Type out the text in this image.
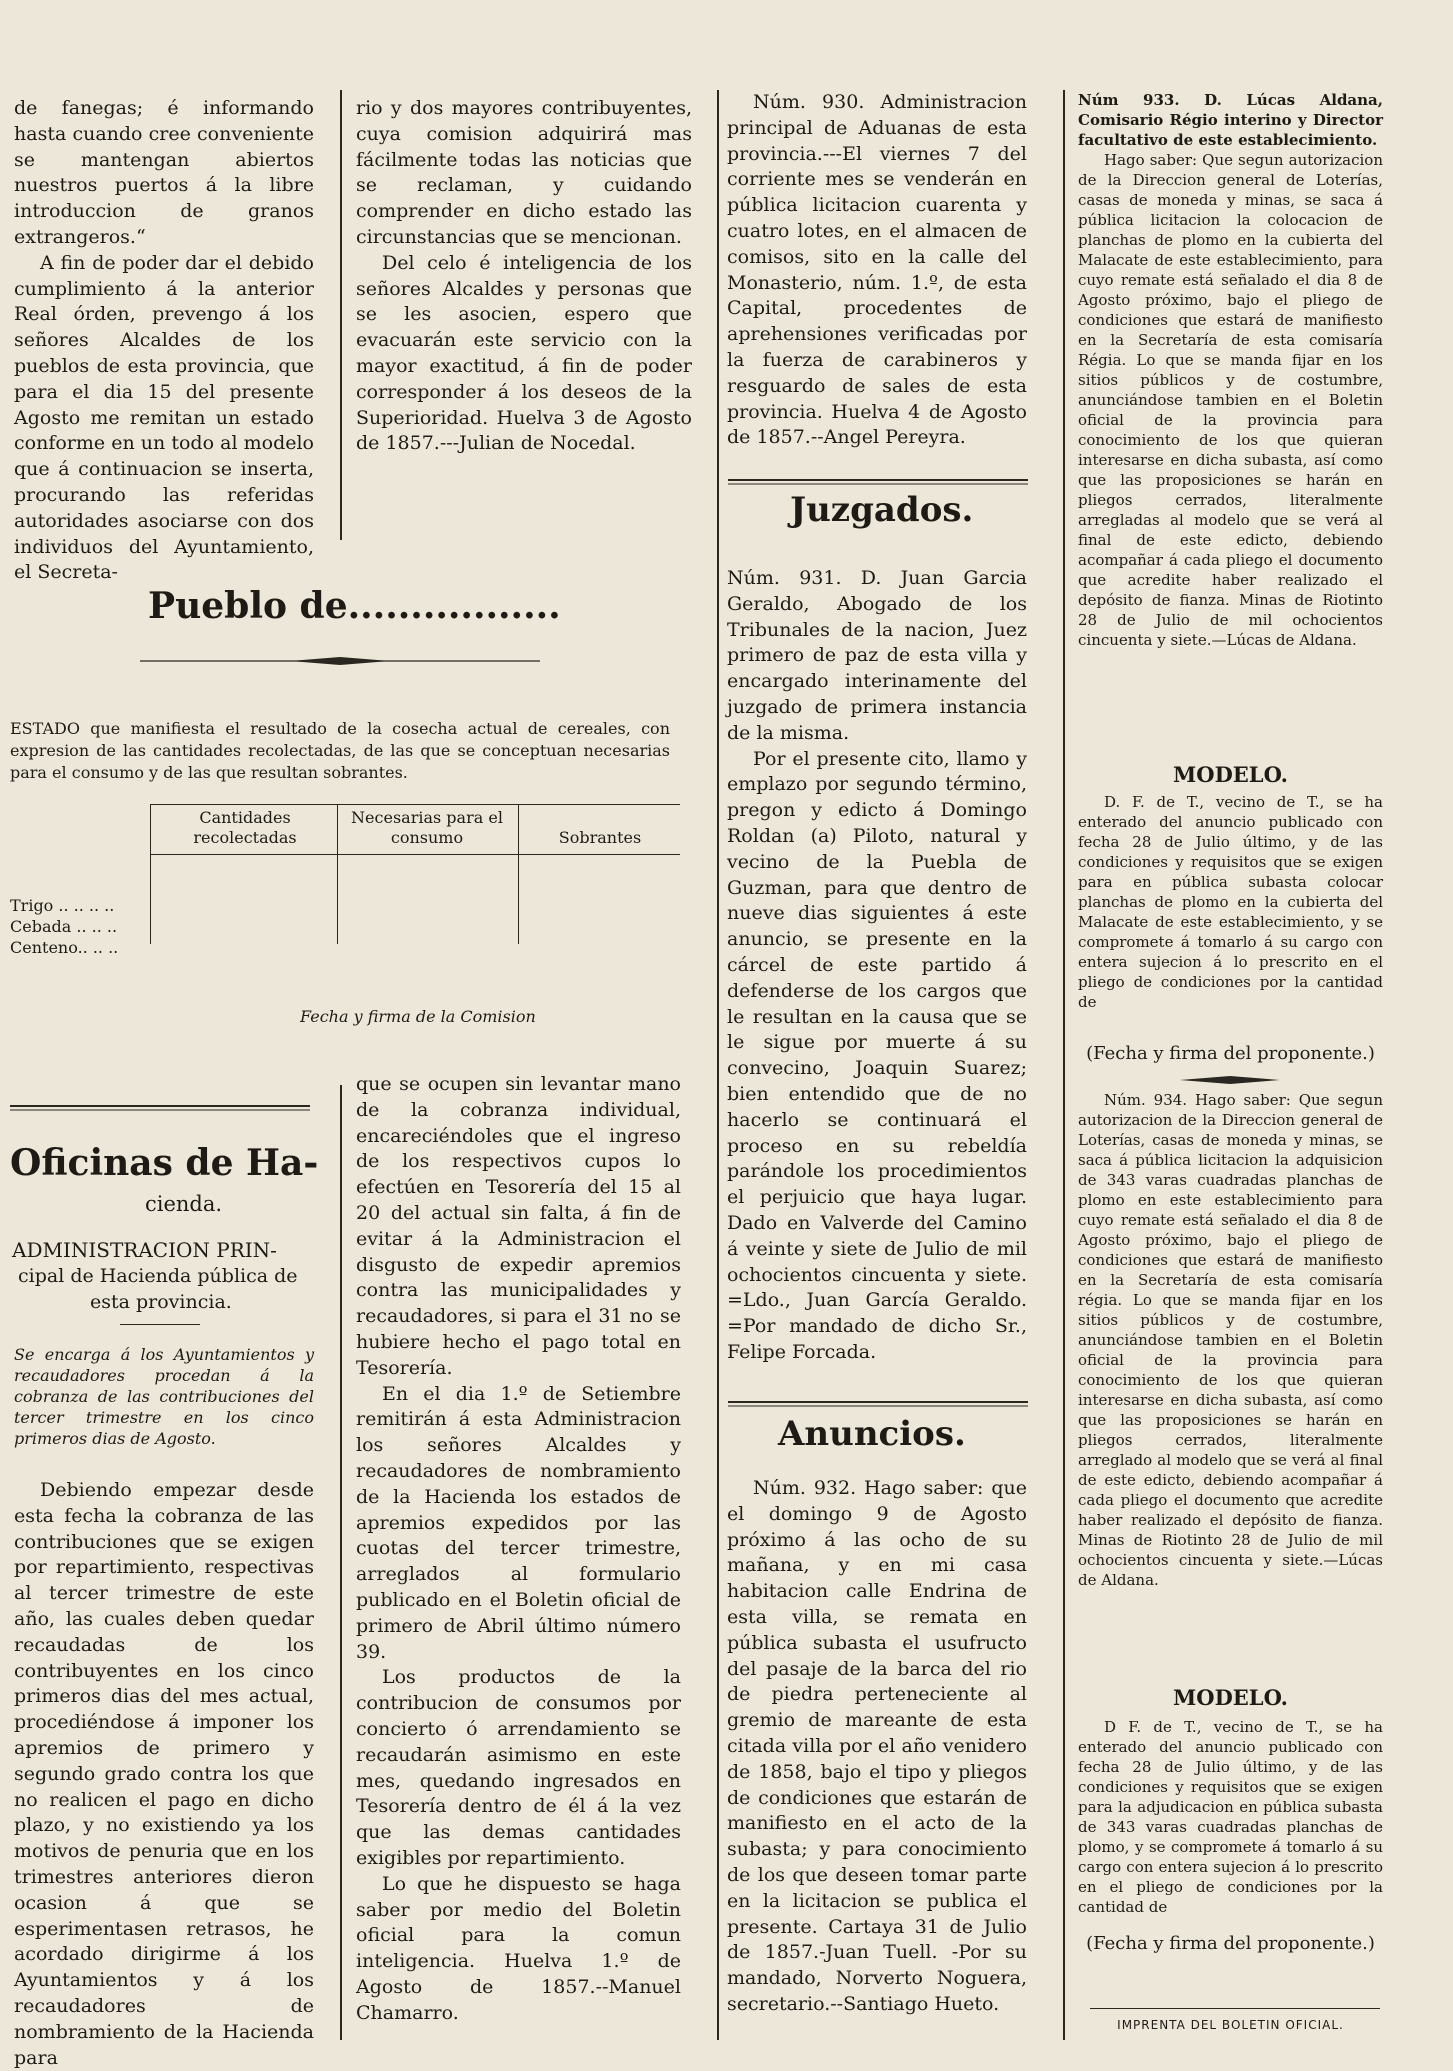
de fanegas; é informando hasta cuando cree conveniente se mantengan abiertos nuestros puertos á la libre introduccion de granos extrangeros.“

A fin de poder dar el debido cumplimiento á la anterior Real órden, prevengo á los señores Alcaldes de los pueblos de esta provincia, que para el dia 15 del presente Agosto me remitan un estado conforme en un todo al modelo que á continuacion se inserta, procurando las referidas autoridades asociarse con dos individuos del Ayuntamiento, el Secreta-

rio y dos mayores contribuyentes, cuya comision adquirirá mas fácilmente todas las noticias que se reclaman, y cuidando comprender en dicho estado las circunstancias que se mencionan.

Del celo é inteligencia de los señores Alcaldes y personas que se les asocien, espero que evacuarán este servicio con la mayor exactitud, á fin de poder corresponder á los deseos de la Superioridad. Huelva 3 de Agosto de 1857.---Julian de Nocedal.

Pueblo de.................
ESTADO que manifiesta el resultado de la cosecha actual de cereales, con expresion de las cantidades recolectadas, de las que se conceptuan necesarias para el consumo y de las que resultan sobrantes.
Cantidades recolectadas
Necesarias para el consumo	Sobrantes
Trigo .. .. .. ..
Cebada .. .. ..
Centeno.. .. ..
Fecha y firma de la Comision
Oficinas de Ha-
cienda.
ADMINISTRACION PRIN-
cipal de Hacienda pública de
esta provincia.
Se encarga á los Ayuntamientos y recaudadores procedan á la cobranza de las contribuciones del tercer trimestre en los cinco primeros dias de Agosto.

Debiendo empezar desde esta fecha la cobranza de las contribuciones que se exigen por repartimiento, respectivas al tercer trimestre de este año, las cuales deben quedar recaudadas de los contribuyentes en los cinco primeros dias del mes actual, procediéndose á imponer los apremios de primero y segundo grado contra los que no realicen el pago en dicho plazo, y no existiendo ya los motivos de penuria que en los trimestres anteriores dieron ocasion á que se esperimentasen retrasos, he acordado dirigirme á los Ayuntamientos y á los recaudadores de nombramiento de la Hacienda para

que se ocupen sin levantar mano de la cobranza individual, encareciéndoles que el ingreso de los respectivos cupos lo efectúen en Tesorería del 15 al 20 del actual sin falta, á fin de evitar á la Administracion el disgusto de expedir apremios contra las municipalidades y recaudadores, si para el 31 no se hubiere hecho el pago total en Tesorería.

En el dia 1.º de Setiembre remitirán á esta Administracion los señores Alcaldes y recaudadores de nombramiento de la Hacienda los estados de apremios expedidos por las cuotas del tercer trimestre, arreglados al formulario publicado en el Boletin oficial de primero de Abril último número 39.

Los productos de la contribucion de consumos por concierto ó arrendamiento se recaudarán asimismo en este mes, quedando ingresados en Tesorería dentro de él á la vez que las demas cantidades exigibles por repartimiento.

Lo que he dispuesto se haga saber por medio del Boletin oficial para la comun inteligencia. Huelva 1.º de Agosto de 1857.--Manuel Chamarro.

Núm. 930. Administracion principal de Aduanas de esta provincia.---El viernes 7 del corriente mes se venderán en pública licitacion cuarenta y cuatro lotes, en el almacen de comisos, sito en la calle del Monasterio, núm. 1.º, de esta Capital, procedentes de aprehensiones verificadas por la fuerza de carabineros y resguardo de sales de esta provincia. Huelva 4 de Agosto de 1857.--Angel Pereyra.

Juzgados.

Núm. 931. D. Juan Garcia Geraldo, Abogado de los Tribunales de la nacion, Juez primero de paz de esta villa y encargado interinamente del juzgado de primera instancia de la misma.

Por el presente cito, llamo y emplazo por segundo término, pregon y edicto á Domingo Roldan (a) Piloto, natural y vecino de la Puebla de Guzman, para que dentro de nueve dias siguientes á este anuncio, se presente en la cárcel de este partido á defenderse de los cargos que le resultan en la causa que se le sigue por muerte á su convecino, Joaquin Suarez; bien entendido que de no hacerlo se continuará el proceso en su rebeldía parándole los procedimientos el perjuicio que haya lugar. Dado en Valverde del Camino á veinte y siete de Julio de mil ochocientos cincuenta y siete. =Ldo., Juan García Geraldo. =Por mandado de dicho Sr., Felipe Forcada.

Anuncios.

Núm. 932. Hago saber: que el domingo 9 de Agosto próximo á las ocho de su mañana, y en mi casa habitacion calle Endrina de esta villa, se remata en pública subasta el usufructo del pasaje de la barca del rio de piedra perteneciente al gremio de mareante de esta citada villa por el año venidero de 1858, bajo el tipo y pliegos de condiciones que estarán de manifiesto en el acto de la subasta; y para conocimiento de los que deseen tomar parte en la licitacion se publica el presente. Cartaya 31 de Julio de 1857.-Juan Tuell. -Por su mandado, Norverto Noguera, secretario.--Santiago Hueto.

Núm 933. D. Lúcas Aldana, Comisario Régio interino y Director facultativo de este establecimiento.

Hago saber: Que segun autorizacion de la Direccion general de Loterías, casas de moneda y minas, se saca á pública licitacion la colocacion de planchas de plomo en la cubierta del Malacate de este establecimiento, para cuyo remate está señalado el dia 8 de Agosto próximo, bajo el pliego de condiciones que estará de manifiesto en la Secretaría de esta comisaría Régia. Lo que se manda fijar en los sitios públicos y de costumbre, anunciándose tambien en el Boletin oficial de la provincia para conocimiento de los que quieran interesarse en dicha subasta, así como que las proposiciones se harán en pliegos cerrados, literalmente arregladas al modelo que se verá al final de este edicto, debiendo acompañar á cada pliego el documento que acredite haber realizado el depósito de fianza. Minas de Riotinto 28 de Julio de mil ochocientos cincuenta y siete.—Lúcas de Aldana.

MODELO.

D. F. de T., vecino de T., se ha enterado del anuncio publicado con fecha 28 de Julio último, y de las condiciones y requisitos que se exigen para en pública subasta colocar planchas de plomo en la cubierta del Malacate de este establecimiento, y se compromete á tomarlo á su cargo con entera sujecion á lo prescrito en el pliego de condiciones por la cantidad de

(Fecha y firma del proponente.)

Núm. 934. Hago saber: Que segun autorizacion de la Direccion general de Loterías, casas de moneda y minas, se saca á pública licitacion la adquisicion de 343 varas cuadradas planchas de plomo en este establecimiento para cuyo remate está señalado el dia 8 de Agosto próximo, bajo el pliego de condiciones que estará de manifiesto en la Secretaría de esta comisaría régia. Lo que se manda fijar en los sitios públicos y de costumbre, anunciándose tambien en el Boletin oficial de la provincia para conocimiento de los que quieran interesarse en dicha subasta, así como que las proposiciones se harán en pliegos cerrados, literalmente arreglado al modelo que se verá al final de este edicto, debiendo acompañar á cada pliego el documento que acredite haber realizado el depósito de fianza. Minas de Riotinto 28 de Julio de mil ochocientos cincuenta y siete.—Lúcas de Aldana.

MODELO.

D F. de T., vecino de T., se ha enterado del anuncio publicado con fecha 28 de Julio último, y de las condiciones y requisitos que se exigen para la adjudicacion en pública subasta de 343 varas cuadradas planchas de plomo, y se compromete á tomarlo á su cargo con entera sujecion á lo prescrito en el pliego de condiciones por la cantidad de

(Fecha y firma del proponente.)
IMPRENTA DEL BOLETIN OFICIAL.
